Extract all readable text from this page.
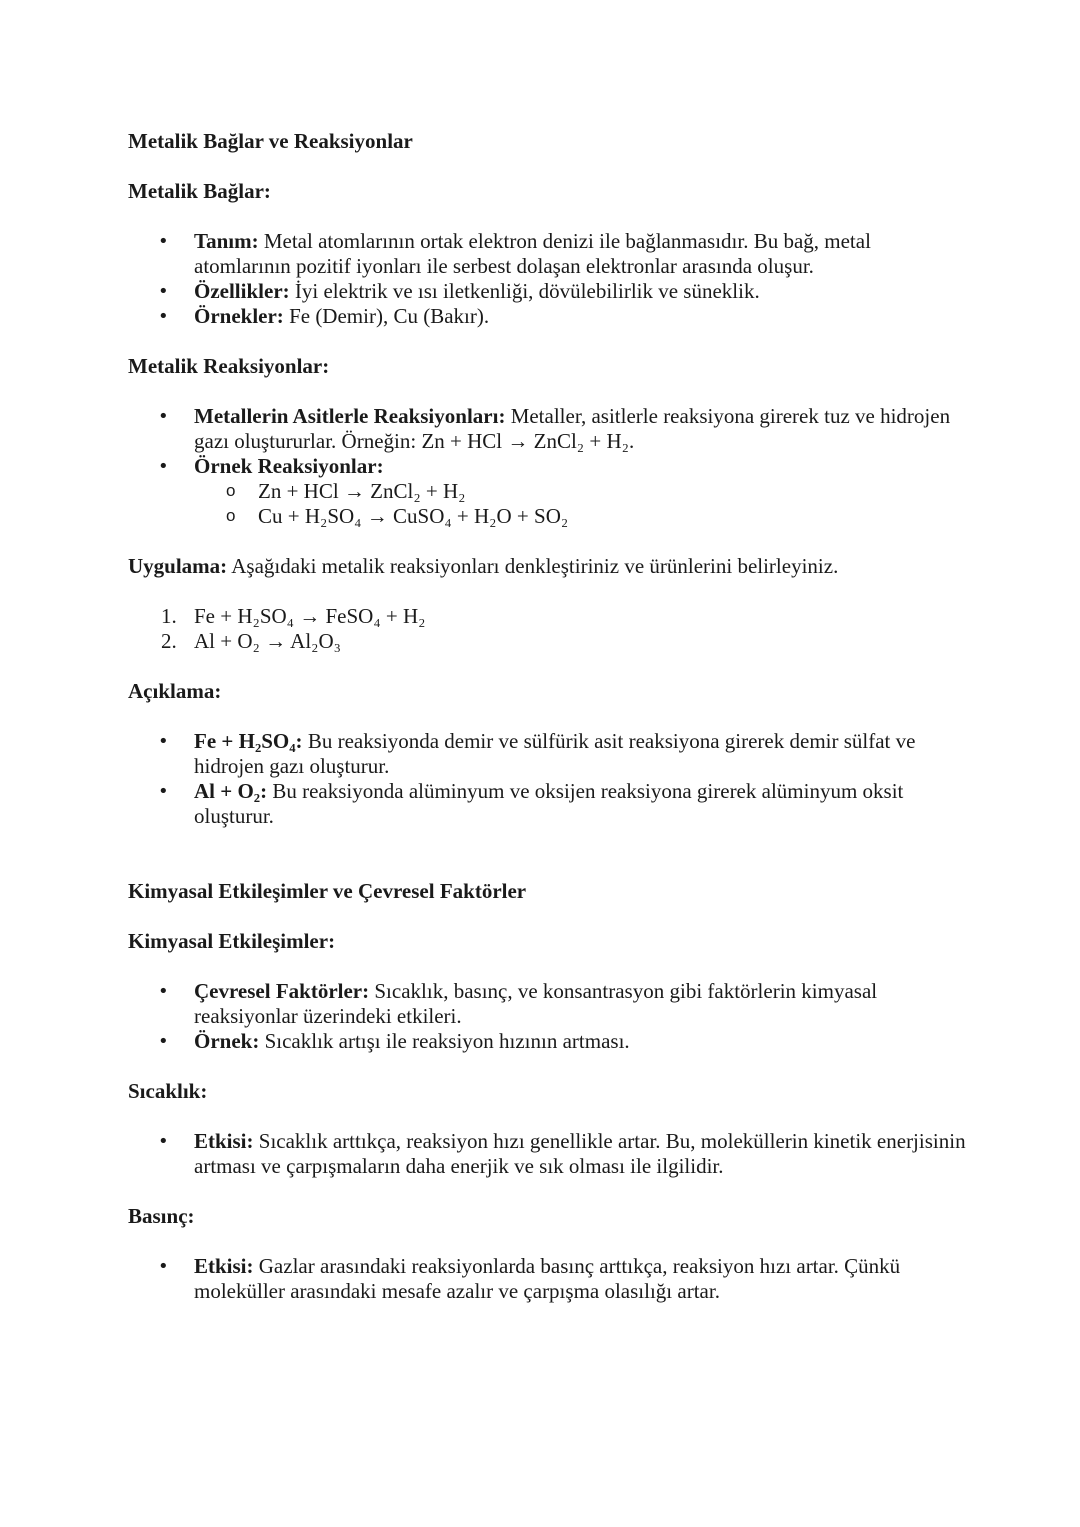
Metalik Bağlar ve Reaksiyonlar

Metalik Bağlar:

• Tanım: Metal atomlarının ortak elektron denizi ile bağlanmasıdır. Bu bağ, metal atomlarının pozitif iyonları ile serbest dolaşan elektronlar arasında oluşur.
• Özellikler: İyi elektrik ve ısı iletkenliği, dövülebilirlik ve süneklik.
• Örnekler: Fe (Demir), Cu (Bakır).

Metalik Reaksiyonlar:

• Metallerin Asitlerle Reaksiyonları: Metaller, asitlerle reaksiyona girerek tuz ve hidrojen gazı oluştururlar. Örneğin: Zn + HCl → ZnCl₂ + H₂.
• Örnek Reaksiyonlar:
o Zn + HCl → ZnCl₂ + H₂
o Cu + H₂SO₄ → CuSO₄ + H₂O + SO₂

Uygulama: Aşağıdaki metalik reaksiyonları denkleştiriniz ve ürünlerini belirleyiniz.

1. Fe + H₂SO₄ → FeSO₄ + H₂
2. Al + O₂ → Al₂O₃

Açıklama:

• Fe + H₂SO₄: Bu reaksiyonda demir ve sülfürik asit reaksiyona girerek demir sülfat ve hidrojen gazı oluşturur.
• Al + O₂: Bu reaksiyonda alüminyum ve oksijen reaksiyona girerek alüminyum oksit oluşturur.

Kimyasal Etkileşimler ve Çevresel Faktörler

Kimyasal Etkileşimler:

• Çevresel Faktörler: Sıcaklık, basınç, ve konsantrasyon gibi faktörlerin kimyasal reaksiyonlar üzerindeki etkileri.
• Örnek: Sıcaklık artışı ile reaksiyon hızının artması.

Sıcaklık:

• Etkisi: Sıcaklık arttıkça, reaksiyon hızı genellikle artar. Bu, moleküllerin kinetik enerjisinin artması ve çarpışmaların daha enerjik ve sık olması ile ilgilidir.

Basınç:

• Etkisi: Gazlar arasındaki reaksiyonlarda basınç arttıkça, reaksiyon hızı artar. Çünkü moleküller arasındaki mesafe azalır ve çarpışma olasılığı artar.
